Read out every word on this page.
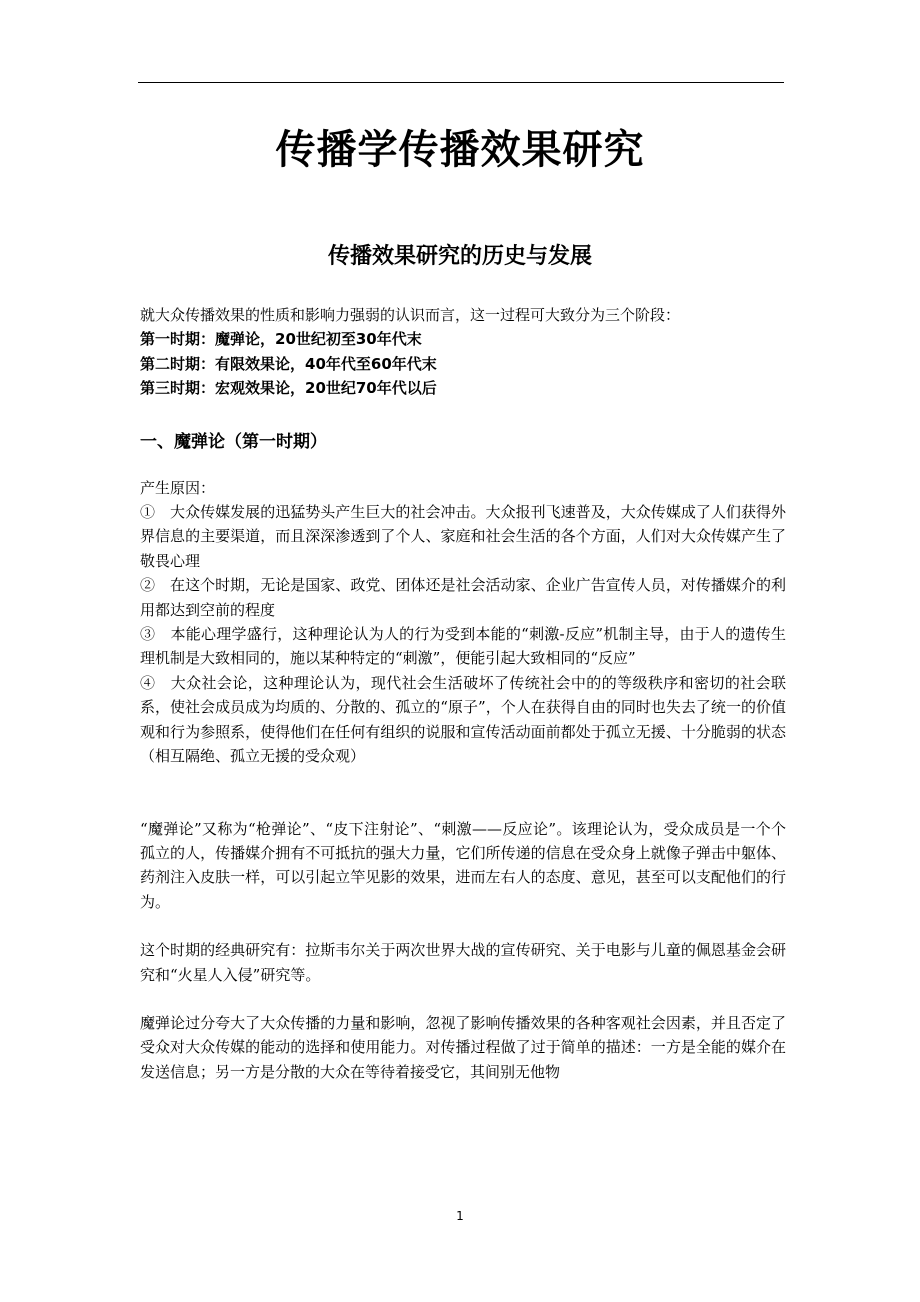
传播学传播效果研究
传播效果研究的历史与发展

就大众传播效果的性质和影响力强弱的认识而言，这一过程可大致分为三个阶段：

第一时期：魔弹论，20世纪初至30年代末

第二时期：有限效果论，40年代至60年代末

第三时期：宏观效果论，20世纪70年代以后

一、魔弹论（第一时期）

产生原因：

①　大众传媒发展的迅猛势头产生巨大的社会冲击。大众报刊飞速普及，大众传媒成了人们获得外界信息的主要渠道，而且深深渗透到了个人、家庭和社会生活的各个方面，人们对大众传媒产生了敬畏心理

②　在这个时期，无论是国家、政党、团体还是社会活动家、企业广告宣传人员，对传播媒介的利用都达到空前的程度

③　本能心理学盛行，这种理论认为人的行为受到本能的“刺激-反应”机制主导，由于人的遗传生理机制是大致相同的，施以某种特定的“刺激”，便能引起大致相同的“反应”

④　大众社会论，这种理论认为，现代社会生活破坏了传统社会中的的等级秩序和密切的社会联系，使社会成员成为均质的、分散的、孤立的“原子”，个人在获得自由的同时也失去了统一的价值观和行为参照系，使得他们在任何有组织的说服和宣传活动面前都处于孤立无援、十分脆弱的状态（相互隔绝、孤立无援的受众观）

“魔弹论”又称为“枪弹论”、“皮下注射论”、“刺激——反应论”。该理论认为，受众成员是一个个孤立的人，传播媒介拥有不可抵抗的强大力量，它们所传递的信息在受众身上就像子弹击中躯体、药剂注入皮肤一样，可以引起立竿见影的效果，进而左右人的态度、意见，甚至可以支配他们的行为。

这个时期的经典研究有：拉斯韦尔关于两次世界大战的宣传研究、关于电影与儿童的佩恩基金会研究和“火星人入侵”研究等。

魔弹论过分夸大了大众传播的力量和影响，忽视了影响传播效果的各种客观社会因素，并且否定了受众对大众传媒的能动的选择和使用能力。对传播过程做了过于简单的描述：一方是全能的媒介在发送信息；另一方是分散的大众在等待着接受它，其间别无他物

1
